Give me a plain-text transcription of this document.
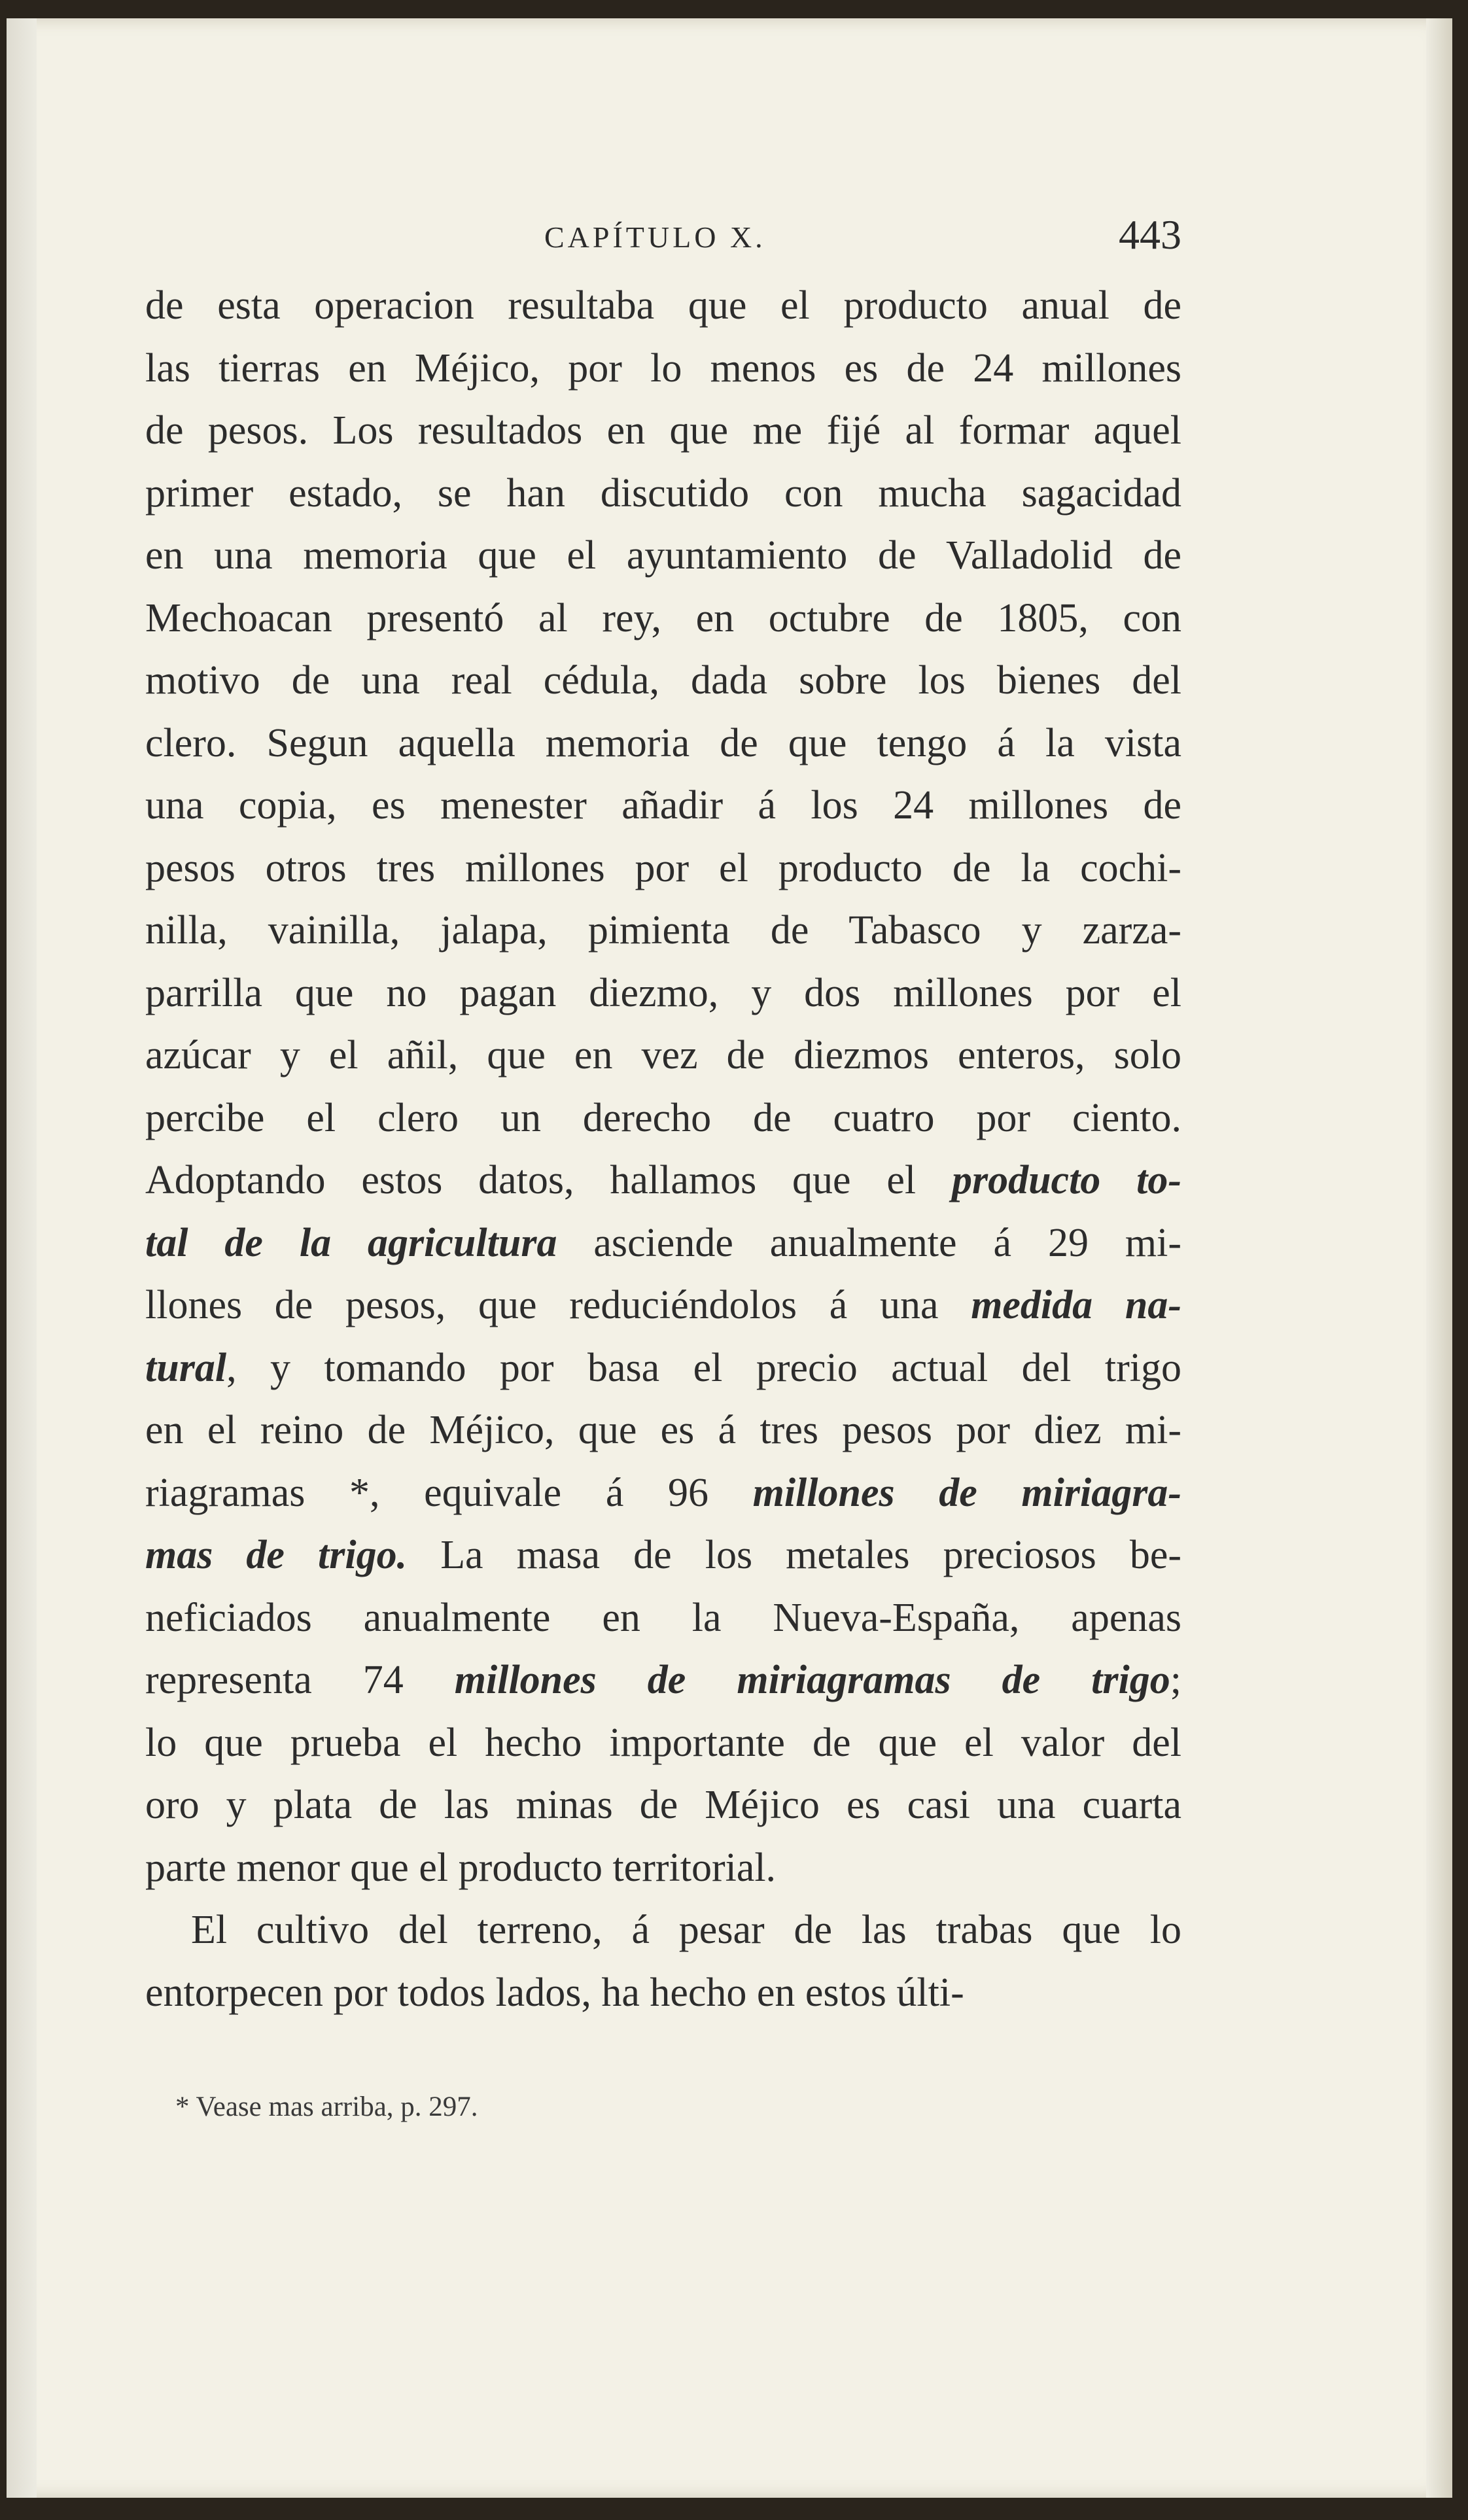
CAPÍTULO X.	443
de esta operacion resultaba que el producto anual de
las tierras en Méjico, por lo menos es de 24 millones
de pesos. Los resultados en que me fijé al formar aquel
primer estado, se han discutido con mucha sagacidad
en una memoria que el ayuntamiento de Valladolid de
Mechoacan presentó al rey, en octubre de 1805, con
motivo de una real cédula, dada sobre los bienes del
clero. Segun aquella memoria de que tengo á la vista
una copia, es menester añadir á los 24 millones de
pesos otros tres millones por el producto de la cochi-
nilla, vainilla, jalapa, pimienta de Tabasco y zarza-
parrilla que no pagan diezmo, y dos millones por el
azúcar y el añil, que en vez de diezmos enteros, solo
percibe el clero un derecho de cuatro por ciento.
Adoptando estos datos, hallamos que el producto to-
tal de la agricultura asciende anualmente á 29 mi-
llones de pesos, que reduciéndolos á una medida na-
tural, y tomando por basa el precio actual del trigo
en el reino de Méjico, que es á tres pesos por diez mi-
riagramas *, equivale á 96 millones de miriagra-
mas de trigo. La masa de los metales preciosos be-
neficiados anualmente en la Nueva-España, apenas
representa 74 millones de miriagramas de trigo;
lo que prueba el hecho importante de que el valor del
oro y plata de las minas de Méjico es casi una cuarta
parte menor que el producto territorial.
El cultivo del terreno, á pesar de las trabas que lo
entorpecen por todos lados, ha hecho en estos últi-
* Vease mas arriba, p. 297.
